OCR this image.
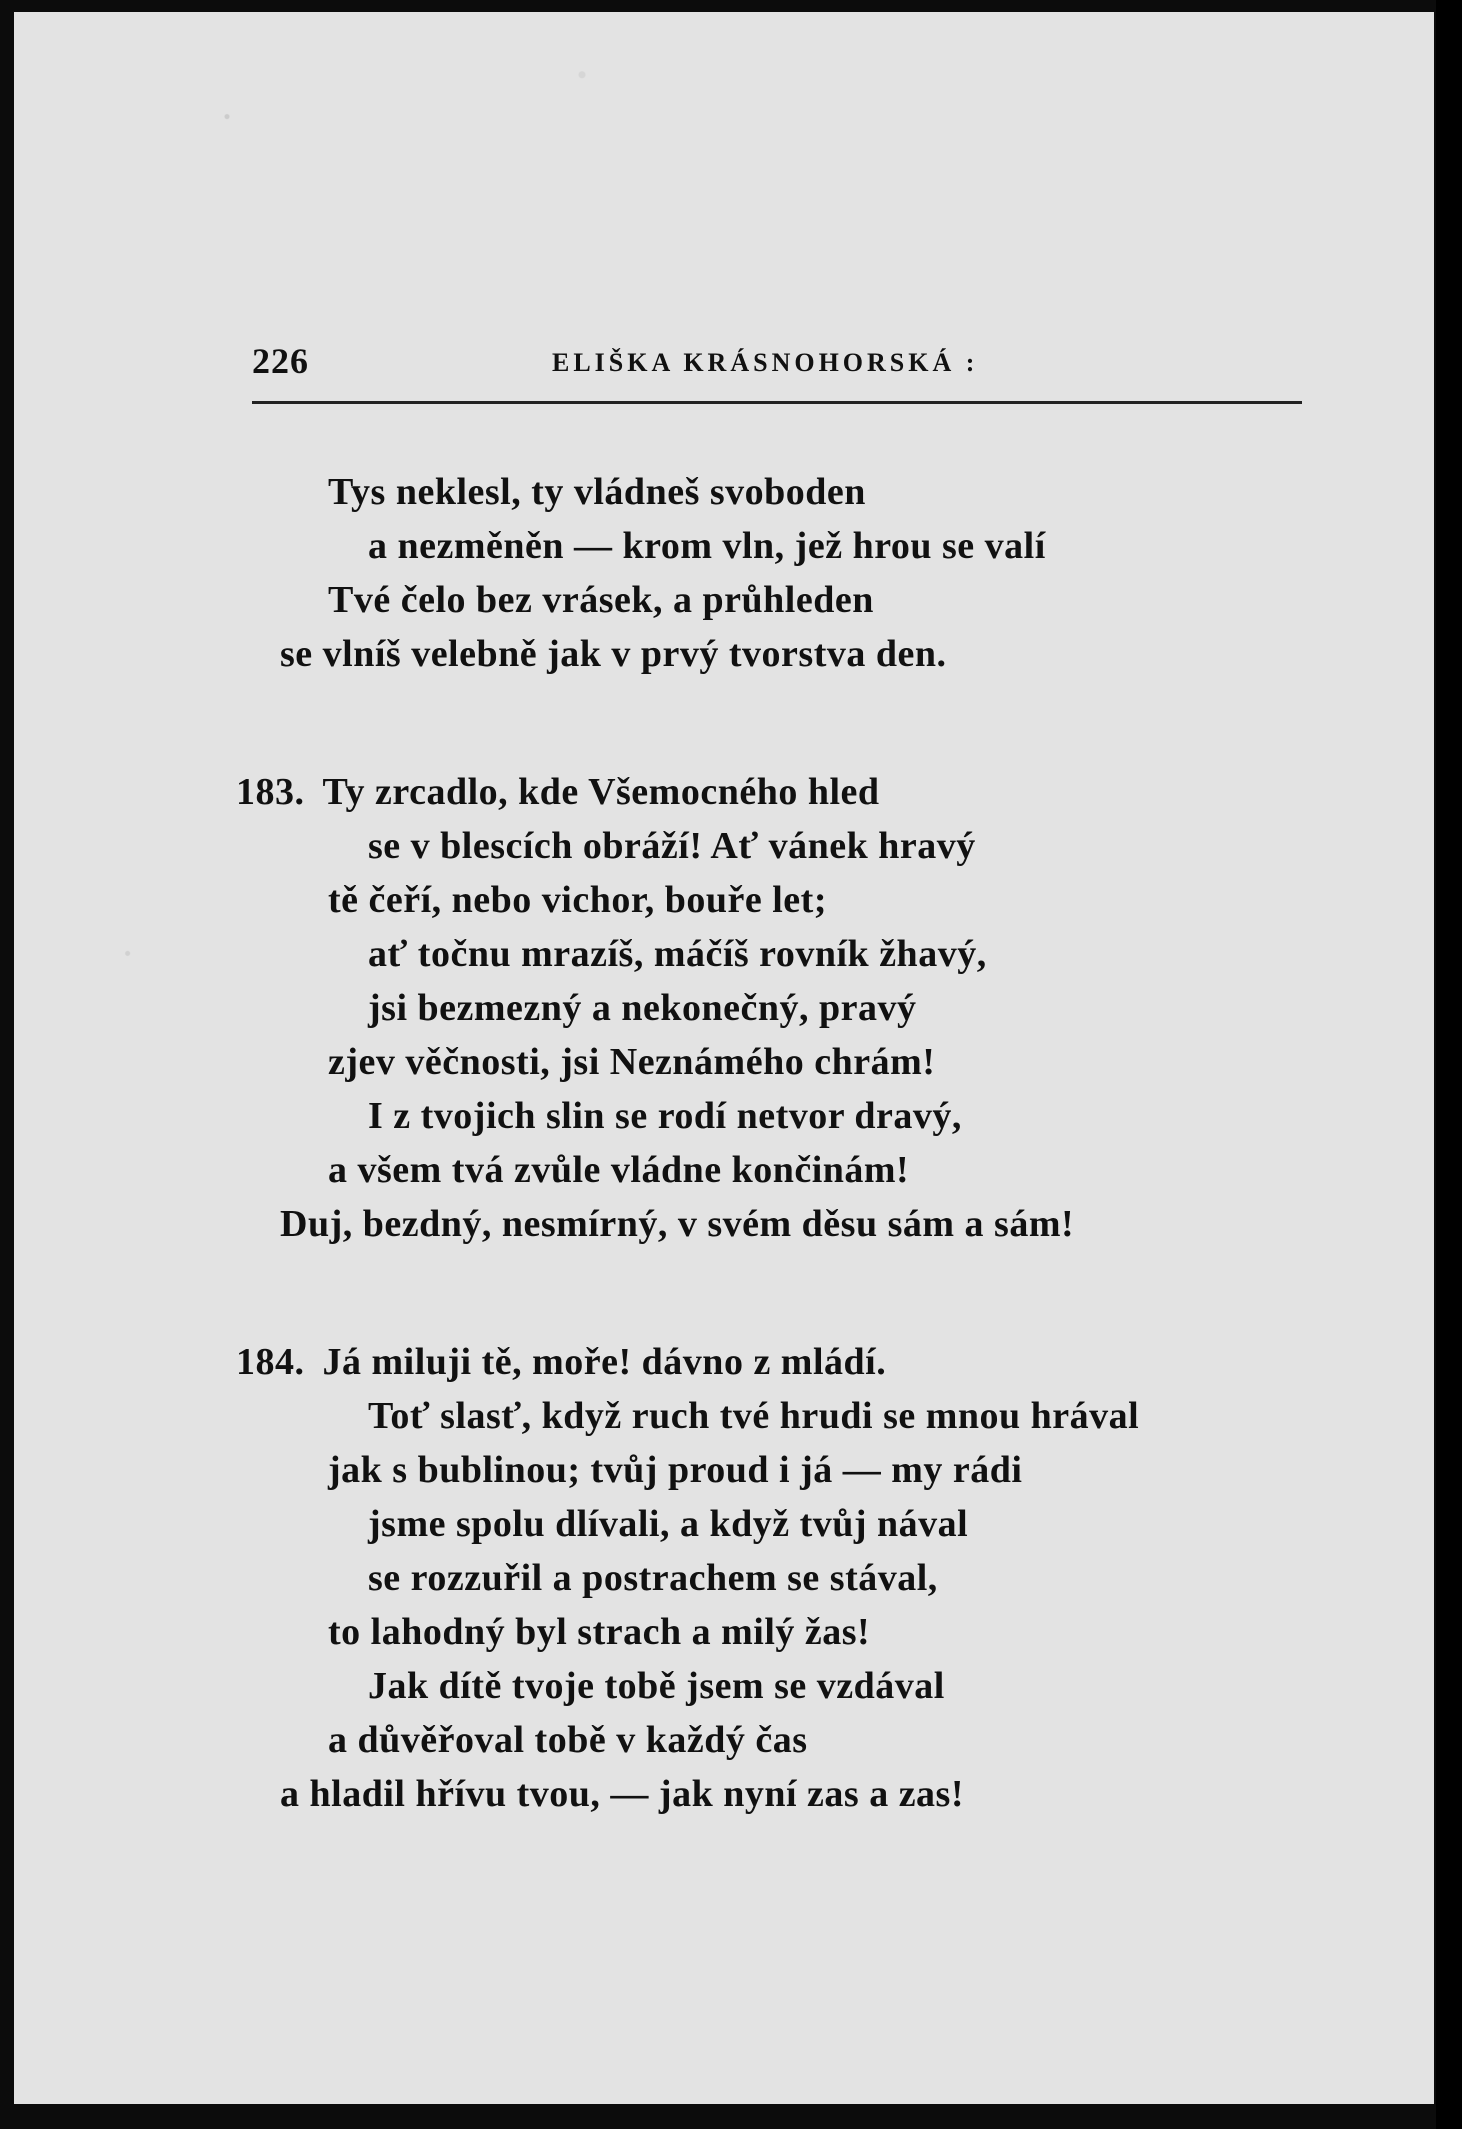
226	ELIŠKA KRÁSNOHORSKÁ :
Tys neklesl, ty vládneš svoboden
a nezměněn — krom vln, jež hrou se valí
Tvé čelo bez vrásek, a průhleden
se vlníš velebně jak v prvý tvorstva den.
183. Ty zrcadlo, kde Všemocného hled
se v blescích obráží! Ať vánek hravý
tě čeří, nebo vichor, bouře let;
ať točnu mrazíš, máčíš rovník žhavý,
jsi bezmezný a nekonečný, pravý
zjev věčnosti, jsi Neznámého chrám!
I z tvojich slin se rodí netvor dravý,
a všem tvá zvůle vládne končinám!
Duj, bezdný, nesmírný, v svém děsu sám a sám!
184. Já miluji tě, moře! dávno z mládí.
Toť slasť, když ruch tvé hrudi se mnou hrával
jak s bublinou; tvůj proud i já — my rádi
jsme spolu dlívali, a když tvůj nával
se rozzuřil a postrachem se stával,
to lahodný byl strach a milý žas!
Jak dítě tvoje tobě jsem se vzdával
a důvěřoval tobě v každý čas
a hladil hřívu tvou, — jak nyní zas a zas!
